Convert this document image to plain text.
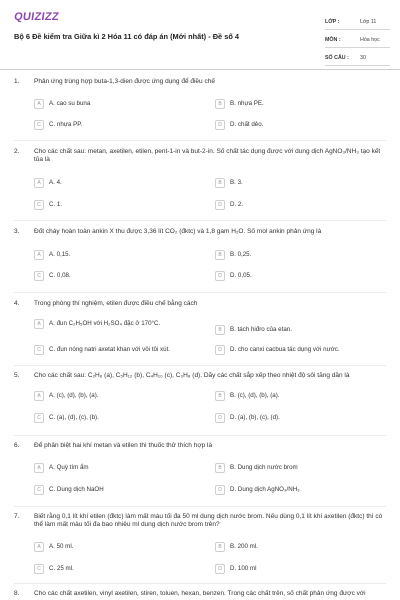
QUIZIZZ
Bộ 6 Đề kiểm tra Giữa kì 2 Hóa 11 có đáp án (Mới nhất) - Đề số 4
LỚP :	Lớp 11
MÔN :	Hóa học
SỐ CÂU :	30
1. Phản ứng trùng hợp buta-1,3-dien được ứng dụng để điều chế
A	A. cao su buna	B	B. nhựa PE.
C	C. nhựa PP.	D	D. chất dẻo.
2. Cho các chất sau: metan, axetilen, etilen, pent-1-in và but-2-in. Số chất tác dụng được với dung dịch AgNO₃/NH₃ tạo kết tủa là
A	A. 4.	B	B. 3.
C	C. 1.	D	D. 2.
3. Đốt cháy hoàn toàn ankin X thu được 3,36 lít CO₂ (đktc) và 1,8 gam H₂O. Số mol ankin phản ứng là
A	A. 0,15.	B	B. 0,25.
C	C. 0,08.	D	D. 0,05.
4. Trong phòng thí nghiệm, etilen được điều chế bằng cách
A	A. đun C₂H₅OH với H₂SO₄ đặc ở 170°C.
B	B. tách hiđro của etan.
C	C. đun nóng natri axetat khan với vôi tôi xút.	D	D. cho canxi cacbua tác dụng với nước.
5. Cho các chất sau: C₂H₆ (a), C₅H₁₂ (b), C₄H₁₀ (c), C₃H₈ (d). Dãy các chất sắp xếp theo nhiệt độ sôi tăng dần là
A	A. (c), (d), (b), (a).	B	B. (c), (d), (b), (a).
C	C. (a), (d), (c), (b).	D	D. (a), (b), (c), (d).
6. Để phân biệt hai khí metan và etilen thì thuốc thử thích hợp là
A	A. Quỳ tím ẩm	B	B. Dung dịch nước brom
C	C. Dung dịch NaOH	D	D. Dung dịch AgNO₃/NH₃
7. Biết rằng 0,1 lít khí etilen (đktc) làm mất màu tối đa 50 ml dung dịch nước brom. Nếu dùng 0,1 lít khí axetilen (đktc) thì có thể làm mất màu tối đa bao nhiêu ml dung dịch nước brom trên?
A	A. 50 ml.	B	B. 200 ml.
C	C. 25 ml.	D	D. 100 ml
8. Cho các chất axetilen, vinyl axetilen, stiren, toluen, hexan, benzen. Trong các chất trên, số chất phản ứng được với
